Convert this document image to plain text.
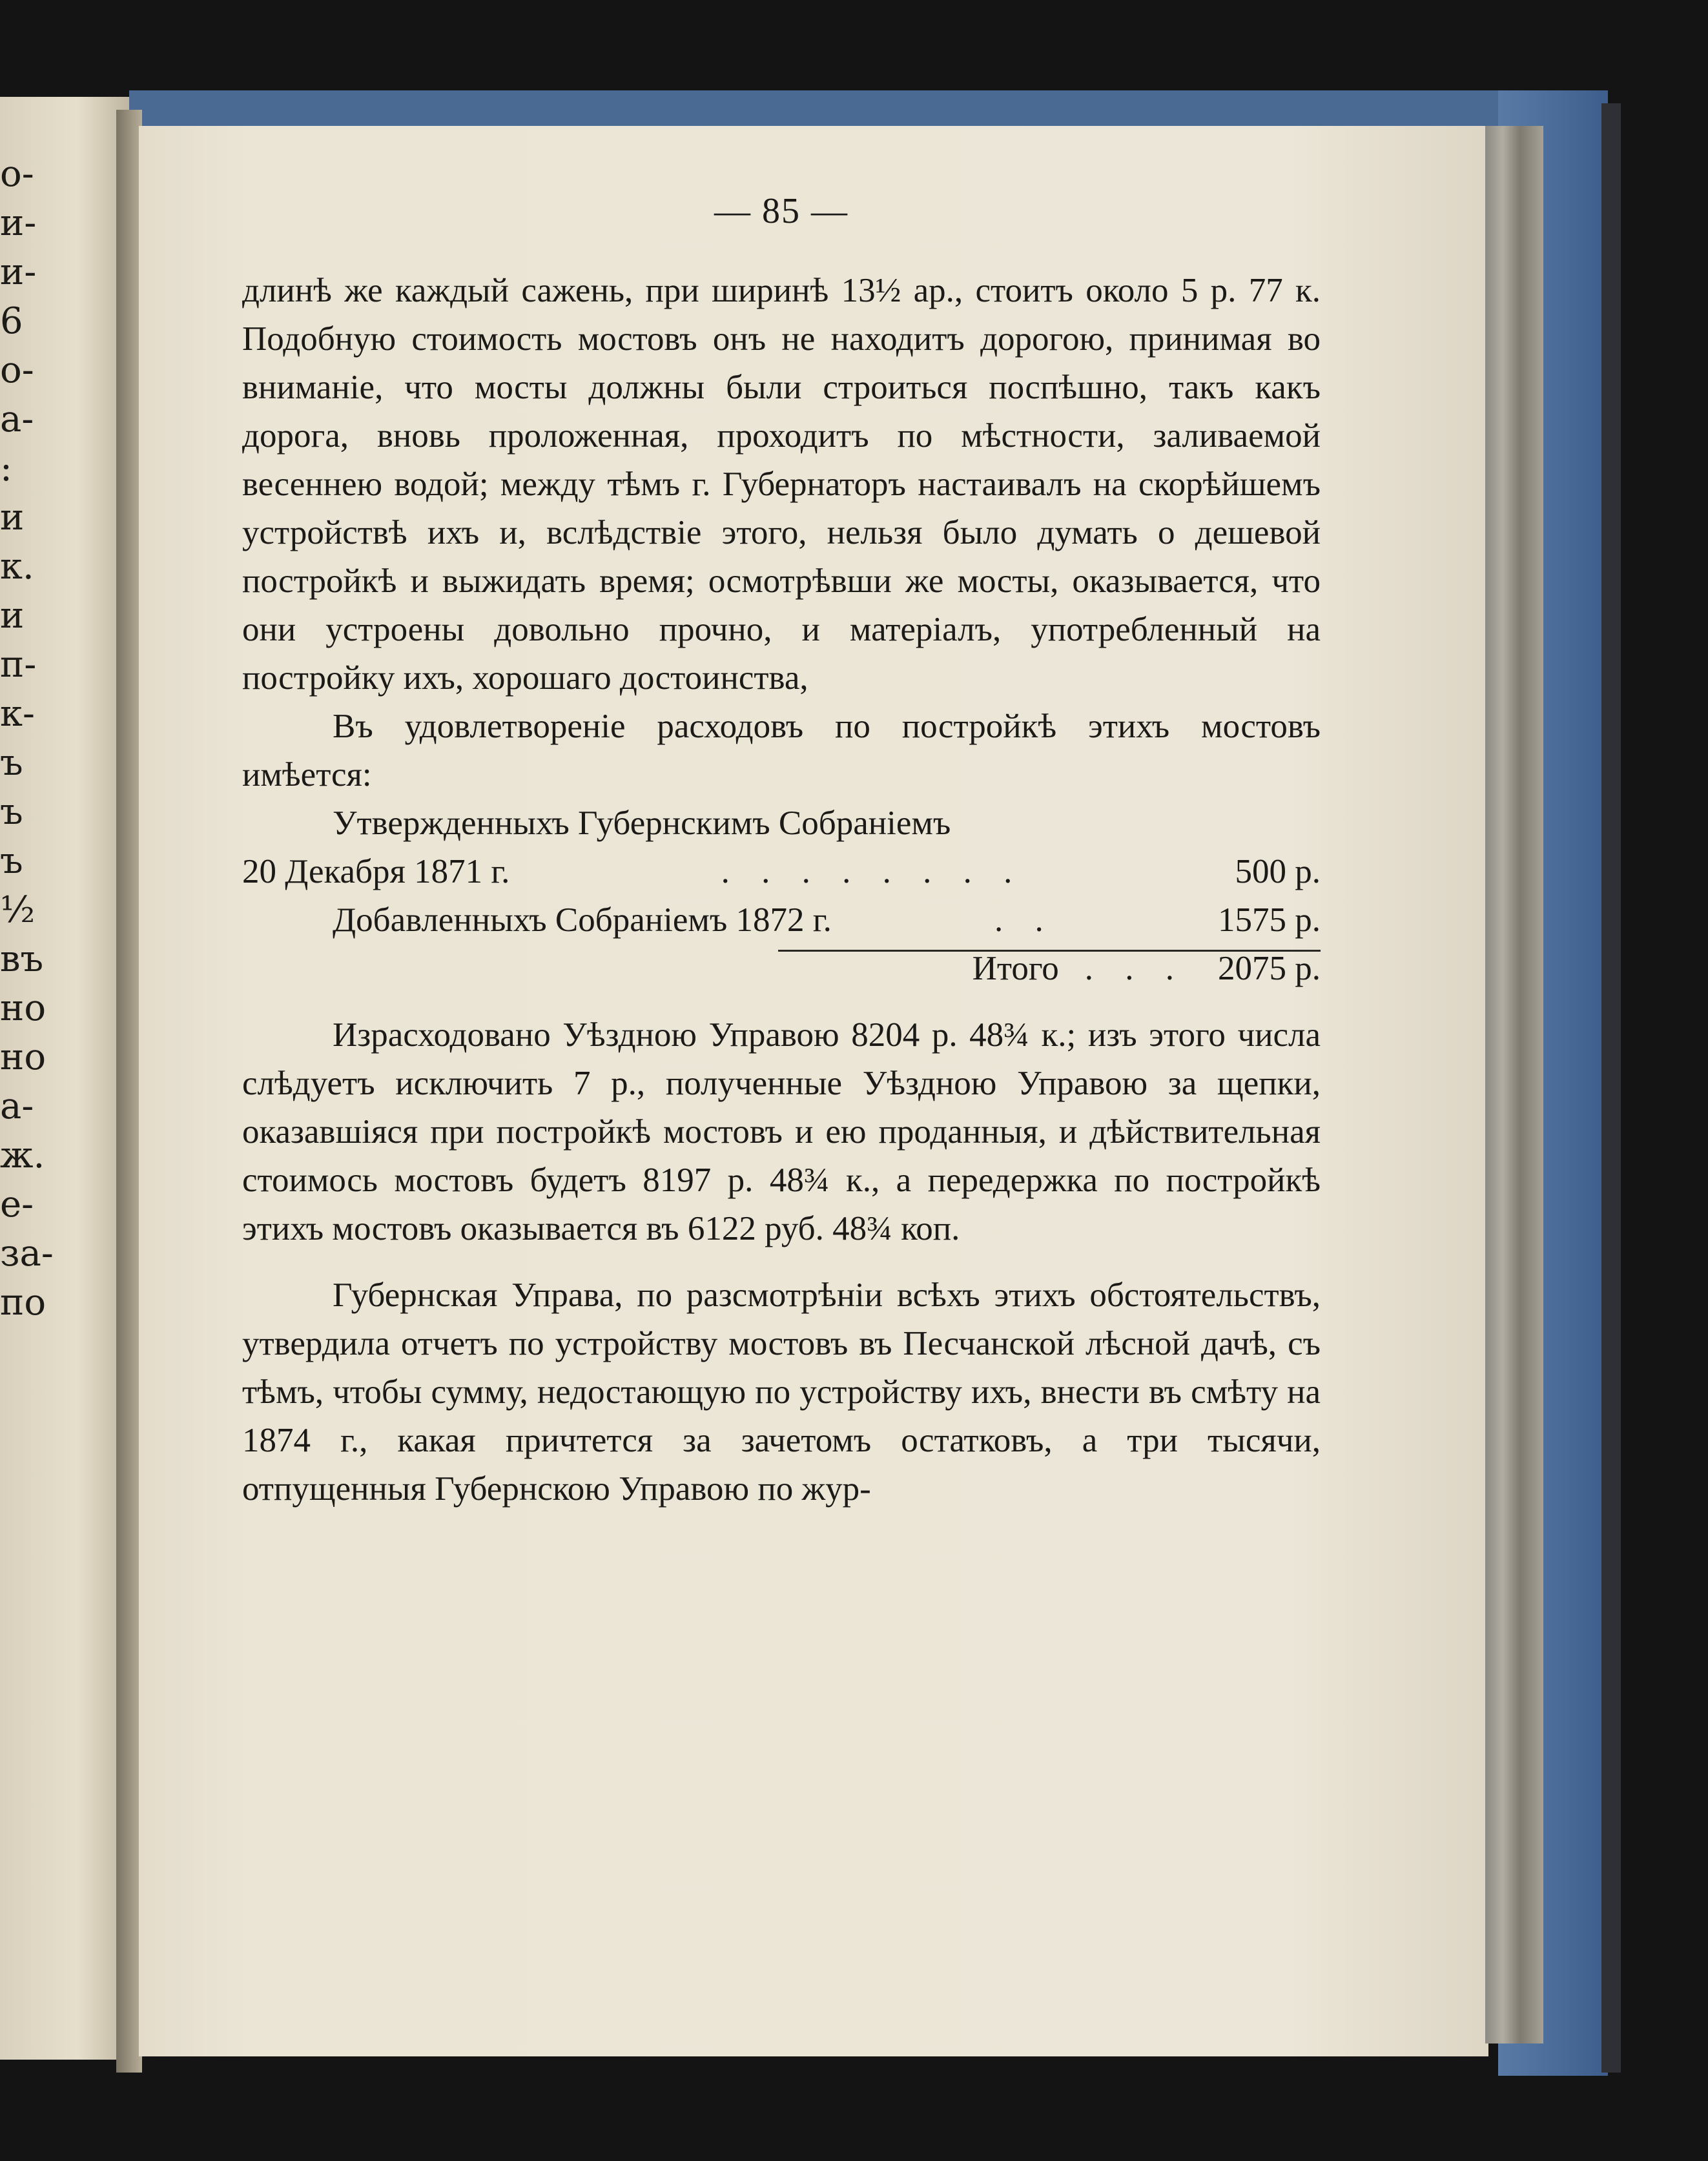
о-
и-
и-
6
о-
а-
:
и
к.
и
п-
к-
ъ
ъ
ъ
½
въ
но
но
а-
ж.
е-
за-
по
— 85 —

длинѣ же каждый сажень, при ширинѣ 13½ ар., стоитъ около 5 р. 77 к. Подобную стоимость мостовъ онъ не находитъ дорогою, принимая во вниманіе, что мосты должны были строиться поспѣшно, такъ какъ дорога, вновь проложенная, проходитъ по мѣстности, заливаемой весеннею водой; между тѣмъ г. Губернаторъ настаивалъ на скорѣйшемъ устройствѣ ихъ и, вслѣдствіе этого, нельзя было думать о дешевой постройкѣ и выжидать время; осмотрѣвши же мосты, оказывается, что они устроены довольно прочно, и матеріалъ, употребленный на постройку ихъ, хорошаго достоинства,

Въ удовлетвореніе расходовъ по постройкѣ этихъ мостовъ имѣется:

Утвержденныхъ Губернскимъ Собраніемъ
20 Декабря 1871 г.	. . . . . . . .	500 р.
Добавленныхъ Собраніемъ 1872 г.	. .	1575 р.
Итого . . . 2075 р.

Израсходовано Уѣздною Управою 8204 р. 48¾ к.; изъ этого числа слѣдуетъ исключить 7 р., полученные Уѣздною Управою за щепки, оказавшіяся при постройкѣ мостовъ и ею проданныя, и дѣйствительная стоимось мостовъ будетъ 8197 р. 48¾ к., а передержка по постройкѣ этихъ мостовъ оказывается въ 6122 руб. 48¾ коп.

Губернская Управа, по разсмотрѣніи всѣхъ этихъ обстоятельствъ, утвердила отчетъ по устройству мостовъ въ Песчанской лѣсной дачѣ, съ тѣмъ, чтобы сумму, недостающую по устройству ихъ, внести въ смѣту на 1874 г., какая причтется за зачетомъ остатковъ, а три тысячи, отпущенныя Губернскою Управою по жур-
